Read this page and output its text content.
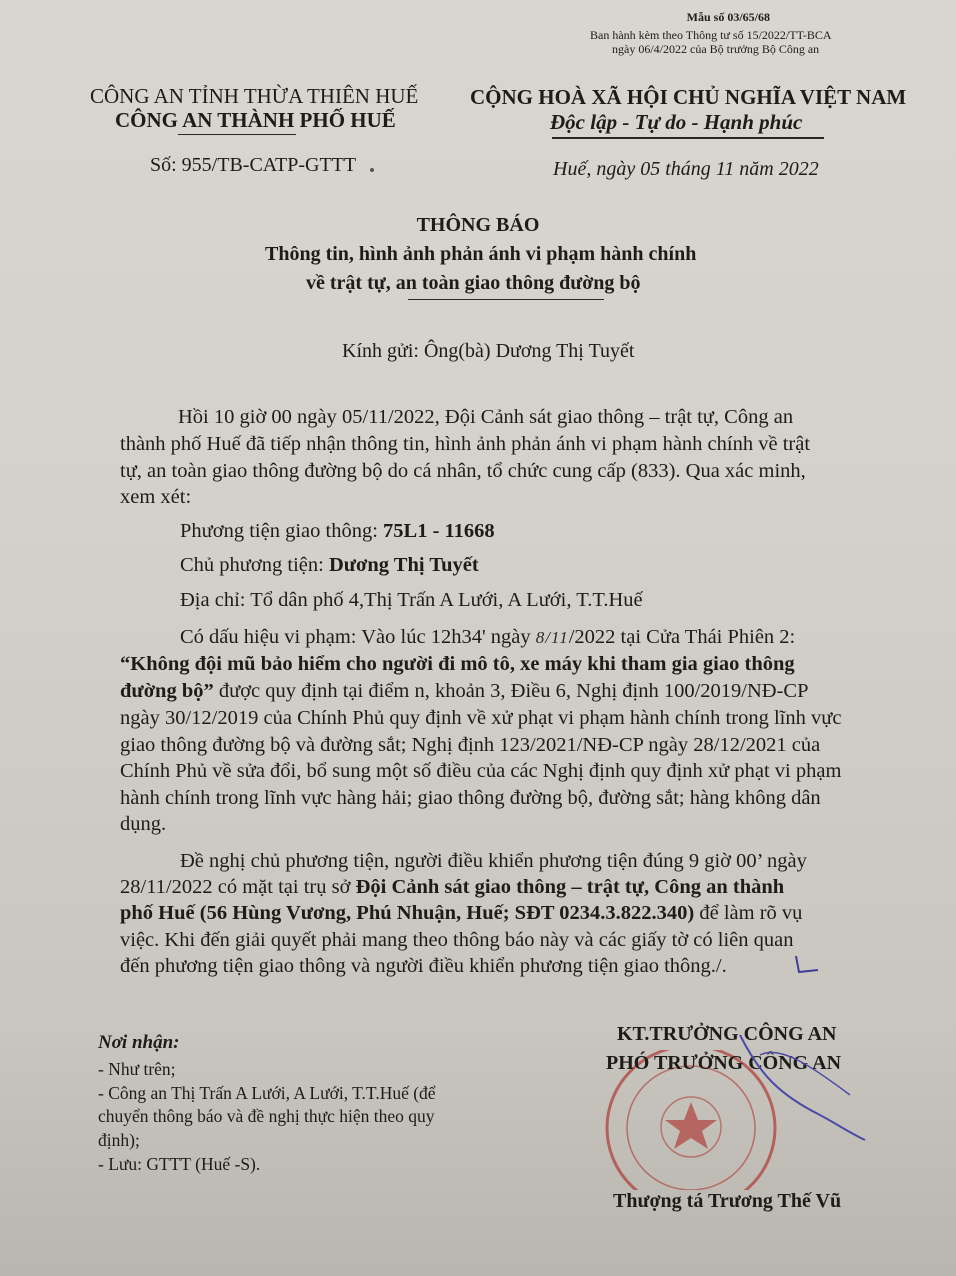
Mẫu số 03/65/68
Ban hành kèm theo Thông tư số 15/2022/TT-BCA
ngày 06/4/2022 của Bộ trưởng Bộ Công an
CÔNG AN TỈNH THỪA THIÊN HUẾ
CÔNG AN THÀNH PHỐ HUẾ
CỘNG HOÀ XÃ HỘI CHỦ NGHĨA VIỆT NAM
Độc lập - Tự do - Hạnh phúc
Số: 955/TB-CATP-GTTT	Huế, ngày 05 tháng 11 năm 2022
THÔNG BÁO
Thông tin, hình ảnh phản ánh vi phạm hành chính
về trật tự, an toàn giao thông đường bộ
Kính gửi: Ông(bà) Dương Thị Tuyết
Hồi 10 giờ 00 ngày 05/11/2022, Đội Cảnh sát giao thông – trật tự, Công an
thành phố Huế đã tiếp nhận thông tin, hình ảnh phản ánh vi phạm hành chính về trật
tự, an toàn giao thông đường bộ do cá nhân, tổ chức cung cấp (833). Qua xác minh,
xem xét:
Phương tiện giao thông: 75L1 - 11668
Chủ phương tiện: Dương Thị Tuyết
Địa chỉ: Tổ dân phố 4,Thị Trấn A Lưới, A Lưới, T.T.Huế
Có dấu hiệu vi phạm: Vào lúc 12h34' ngày 8/11/2022 tại Cửa Thái Phiên 2:
“Không đội mũ bảo hiểm cho người đi mô tô, xe máy khi tham gia giao thông
đường bộ” được quy định tại điểm n, khoản 3, Điều 6, Nghị định 100/2019/NĐ-CP
ngày 30/12/2019 của Chính Phủ quy định về xử phạt vi phạm hành chính trong lĩnh vực
giao thông đường bộ và đường sắt; Nghị định 123/2021/NĐ-CP ngày 28/12/2021 của
Chính Phủ về sửa đổi, bổ sung một số điều của các Nghị định quy định xử phạt vi phạm
hành chính trong lĩnh vực hàng hải; giao thông đường bộ, đường sắt; hàng không dân
dụng.
Đề nghị chủ phương tiện, người điều khiển phương tiện đúng 9 giờ 00’ ngày
28/11/2022 có mặt tại trụ sở Đội Cảnh sát giao thông – trật tự, Công an thành
phố Huế (56 Hùng Vương, Phú Nhuận, Huế; SĐT 0234.3.822.340) để làm rõ vụ
việc. Khi đến giải quyết phải mang theo thông báo này và các giấy tờ có liên quan
đến phương tiện giao thông và người điều khiển phương tiện giao thông./.
Nơi nhận:
- Như trên;
- Công an Thị Trấn A Lưới, A Lưới, T.T.Huế (để
chuyển thông báo và đề nghị thực hiện theo quy
định);
- Lưu: GTTT (Huế -S).
KT.TRƯỞNG CÔNG AN
PHÓ TRƯỞNG CÔNG AN
Thượng tá Trương Thế Vũ
